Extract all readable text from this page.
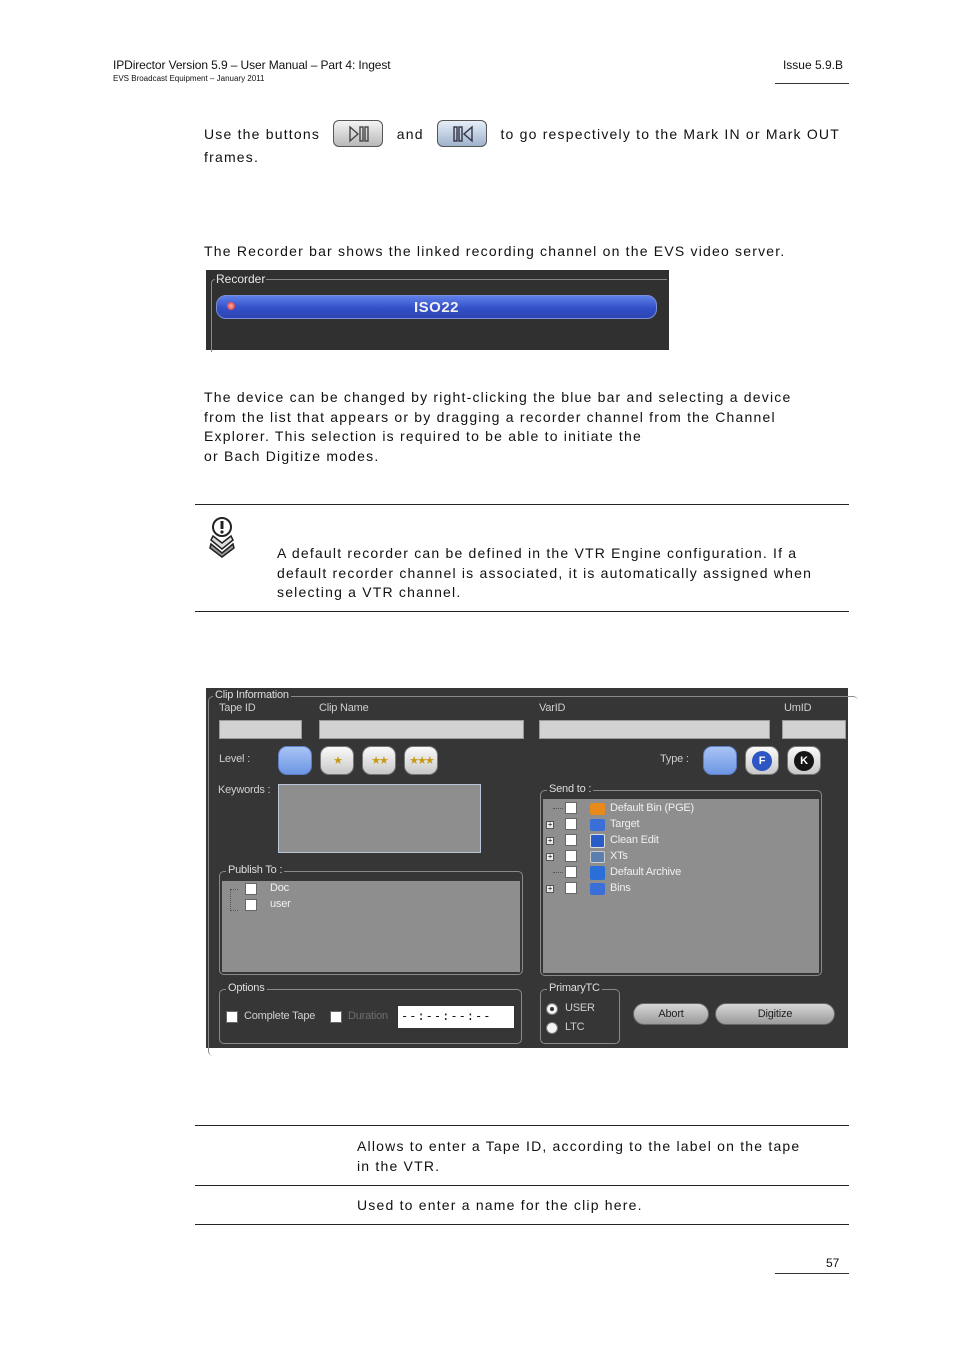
IPDirector Version 5.9 – User Manual – Part 4: Ingest
EVS Broadcast Equipment – January 2011
Issue 5.9.B
Use the buttons	and	to go respectively to the Mark IN or Mark OUT
frames.
The Recorder bar shows the linked recording channel on the EVS video server.
Recorder
ISO22
The device can be changed by right-clicking the blue bar and selecting a device
from the list that appears or by dragging a recorder channel from the Channel
Explorer. This selection is required to be able to initiate the
or Bach Digitize modes.
A default recorder can be defined in the VTR Engine configuration. If a
default recorder channel is associated, it is automatically assigned when
selecting a VTR channel.
Clip Information
Tape ID	Clip Name	VarID	UmID
Level :	★	★★	★★★	Type :	F	K
Keywords :
Publish To :
Doc
user
Send to :
Default Bin (PGE)
+	Target
+	Clean Edit
+	XTs
Default Archive
+	Bins
Options
Complete Tape	Duration	--:--:--:--
PrimaryTC
USER
LTC
Abort	Digitize
Allows to enter a Tape ID, according to the label on the tape
in the VTR.
Used to enter a name for the clip here.
57
